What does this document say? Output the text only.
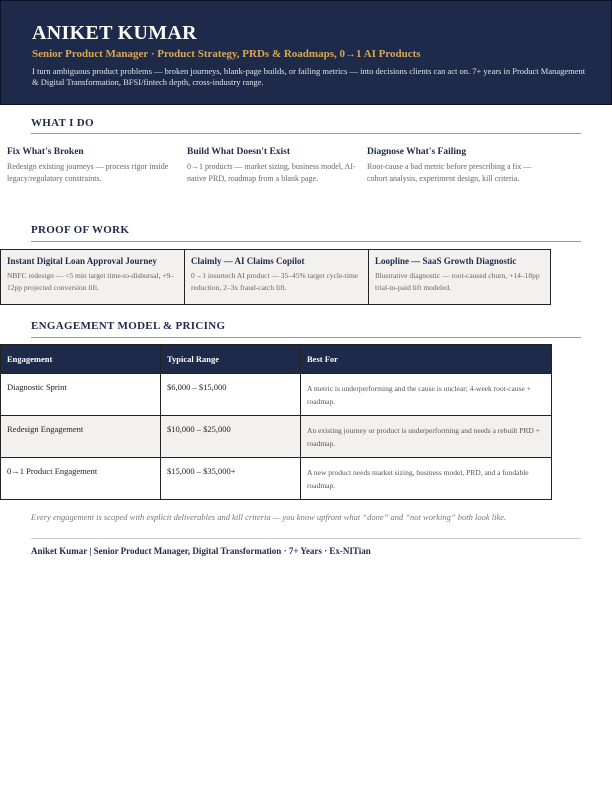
ANIKET KUMAR
Senior Product Manager · Product Strategy, PRDs & Roadmaps, 0→1 AI Products
I turn ambiguous product problems — broken journeys, blank-page builds, or failing metrics — into decisions clients can act on. 7+ years in Product Management & Digital Transformation, BFSI/fintech depth, cross-industry range.
WHAT I DO
Fix What's Broken
Redesign existing journeys — process rigor inside legacy/regulatory constraints.
Build What Doesn't Exist
0→1 products — market sizing, business model, AI-native PRD, roadmap from a blank page.
Diagnose What's Failing
Root-cause a bad metric before prescribing a fix — cohort analysis, experiment design, kill criteria.
PROOF OF WORK
Instant Digital Loan Approval Journey
NBFC redesign — <5 min target time-to-disbursal, +9–12pp projected conversion lift.
Claimly — AI Claims Copilot
0→1 insurtech AI product — 35–45% target cycle-time reduction, 2–3x fraud-catch lift.
Loopline — SaaS Growth Diagnostic
Illustrative diagnostic — root-caused churn, +14–18pp trial-to-paid lift modeled.
ENGAGEMENT MODEL & PRICING
Engagement	Typical Range	Best For
Diagnostic Sprint	$6,000 – $15,000	A metric is underperforming and the cause is unclear; 4-week root-cause + roadmap.
Redesign Engagement	$10,000 – $25,000	An existing journey or product is underperforming and needs a rebuilt PRD + roadmap.
0→1 Product Engagement	$15,000 – $35,000+	A new product needs market sizing, business model, PRD, and a fundable roadmap.
Every engagement is scoped with explicit deliverables and kill criteria — you know upfront what “done” and “not working” both look like.
Aniket Kumar | Senior Product Manager, Digital Transformation · 7+ Years · Ex-NITian
